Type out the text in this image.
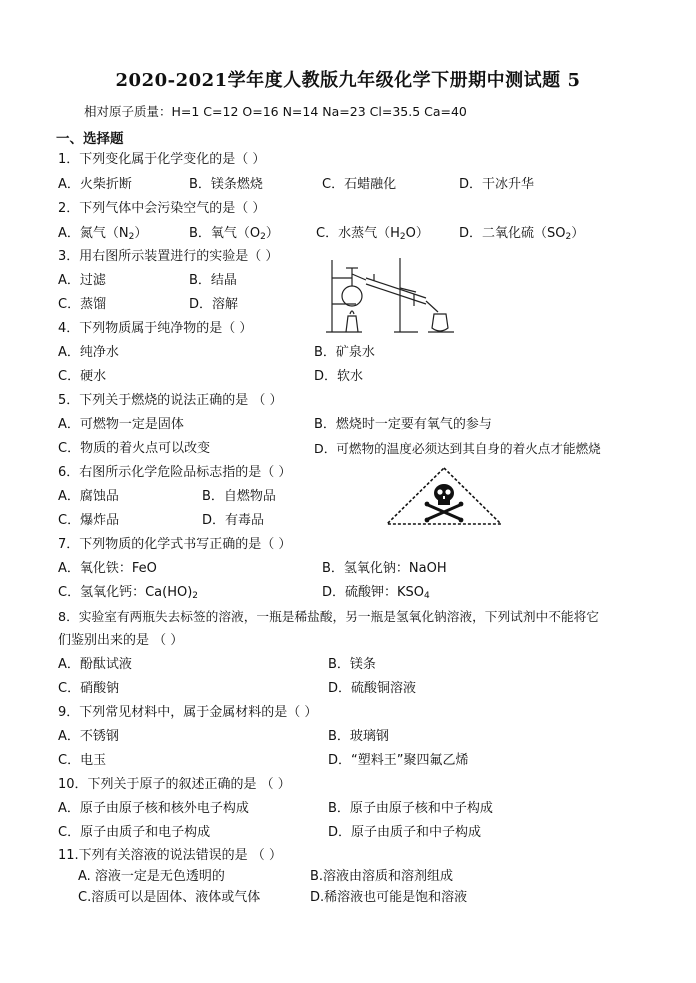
2020-2021学年度人教版九年级化学下册期中测试题 5
相对原子质量：H=1 C=12 O=16 N=14 Na=23 Cl=35.5 Ca=40
一、选择题
1．下列变化属于化学变化的是（ ）
A．火柴折断	B．镁条燃烧	C．石蜡融化	D．干冰升华
2．下列气体中会污染空气的是（ ）
A．氮气$(N_2)$	B．氧气$(O_2)$	C．水蒸气$(H_2O)$ D．二氧化硫$(SO_2)$
3．用右图所示装置进行的实验是（ ）
A．过滤	B．结晶
C．蒸馏	D．溶解
4．下列物质属于纯净物的是（ ）
A．纯净水	B．矿泉水
C．硬水	D．软水
5．下列关于燃烧的说法正确的是 （ ）
A．可燃物一定是固体	B．燃烧时一定要有氧气的参与
C．物质的着火点可以改变	D．可燃物的温度必须达到其自身的着火点才能燃烧
6．右图所示化学危险品标志指的是（ ）
A．腐蚀品	B．自燃物品
C．爆炸品	D．有毒品
7．下列物质的化学式书写正确的是（ ）
A．氧化铁：FeO	B．氢氧化钠：NaOH
C．氢氧化钙：$Ca(HO)_2$	D．硫酸钾：$KSO_4$
8．实验室有两瓶失去标签的溶液，一瓶是稀盐酸，另一瓶是氢氧化钠溶液，下列试剂中不能将它
们鉴别出来的是 （ ）
A．酚酞试液	B．镁条
C．硝酸钠	D．硫酸铜溶液
9．下列常见材料中，属于金属材料的是（ ）
A．不锈钢	B．玻璃钢
C．电玉	D．“塑料王”聚四氟乙烯
10．下列关于原子的叙述正确的是 （ ）
A．原子由原子核和核外电子构成	B．原子由原子核和中子构成
C．原子由质子和电子构成	D．原子由质子和中子构成
11.下列有关溶液的说法错误的是 （ ）
A. 溶液一定是无色透明的	B.溶液由溶质和溶剂组成
C.溶质可以是固体、液体或气体	D.稀溶液也可能是饱和溶液
